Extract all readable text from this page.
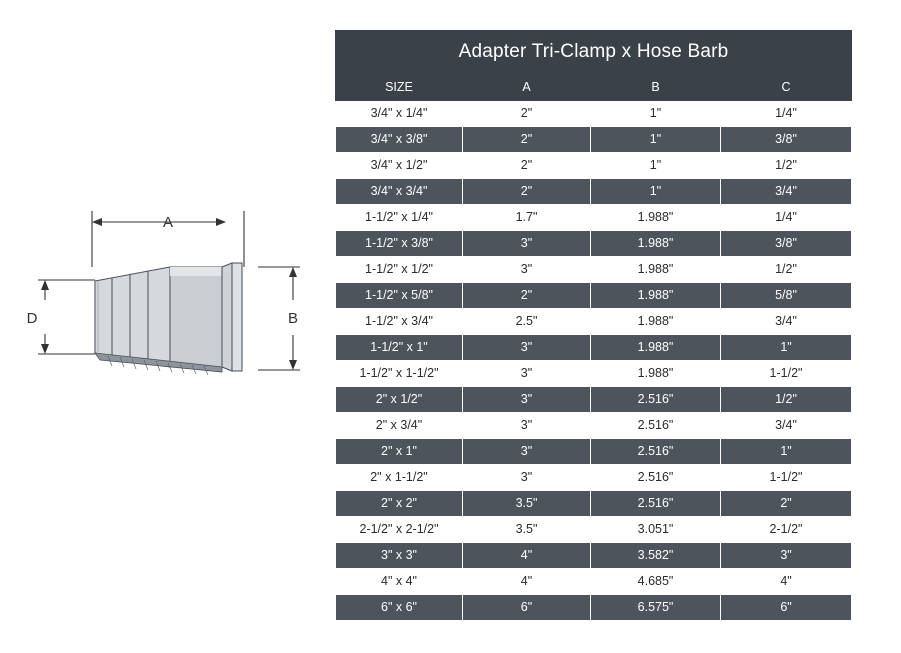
A
B
D
Adapter Tri-Clamp x Hose Barb			
SIZE	A	B	C
3/4" x 1/4"	2"	1"	1/4"
3/4" x 3/8"	2"	1"	3/8"
3/4" x 1/2"	2"	1"	1/2"
3/4" x 3/4"	2"	1"	3/4"
1-1/2" x 1/4"	1.7"	1.988"	1/4"
1-1/2" x 3/8"	3"	1.988"	3/8"
1-1/2" x 1/2"	3"	1.988"	1/2"
1-1/2" x 5/8"	2"	1.988"	5/8"
1-1/2" x 3/4"	2.5"	1.988"	3/4"
1-1/2" x 1"	3"	1.988"	1"
1-1/2" x 1-1/2"	3"	1.988"	1-1/2"
2" x 1/2"	3"	2.516"	1/2"
2" x 3/4"	3"	2.516"	3/4"
2" x 1"	3"	2.516"	1"
2" x 1-1/2"	3"	2.516"	1-1/2"
2" x 2"	3.5"	2.516"	2"
2-1/2" x 2-1/2"	3.5"	3.051"	2-1/2"
3" x 3"	4"	3.582"	3"
4" x 4"	4"	4.685"	4"
6" x 6"	6"	6.575"	6"
